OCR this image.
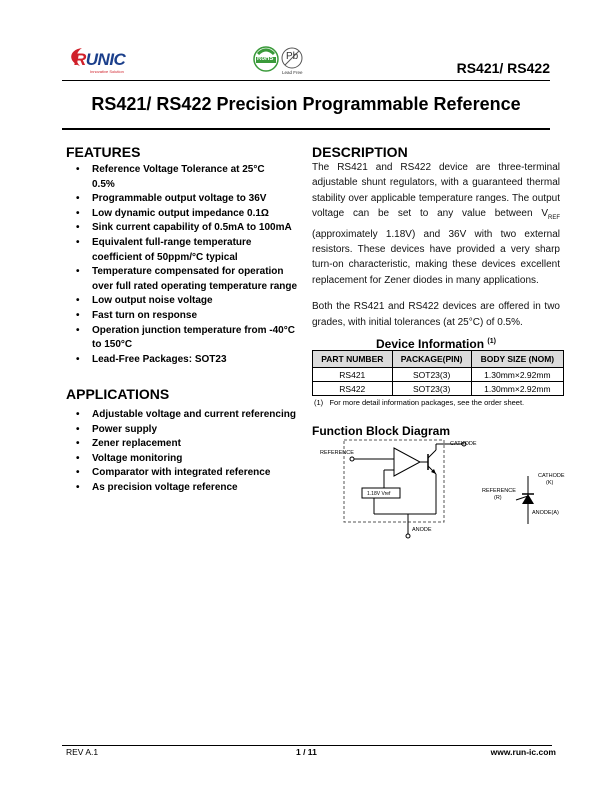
RUNIC
Innovative Solution
RoHS Pb
Lead Free	RS421/ RS422
RS421/ RS422 Precision Programmable Reference
FEATURES
• Reference Voltage Tolerance at 25°C
0.5%
• Programmable output voltage to 36V
• Low dynamic output impedance 0.1Ω
• Sink current capability of 0.5mA to 100mA
• Equivalent full-range temperature
coefficient of 50ppm/°C typical
• Temperature compensated for operation
over full rated operating temperature range
• Low output noise voltage
• Fast turn on response
• Operation junction temperature from -40°C
to 150°C
• Lead-Free Packages: SOT23
APPLICATIONS
• Adjustable voltage and current referencing
• Power supply
• Zener replacement
• Voltage monitoring
• Comparator with integrated reference
• As precision voltage reference
DESCRIPTION

The RS421 and RS422 device are three-terminal adjustable shunt regulators, with a guaranteed thermal stability over applicable temperature ranges. The output voltage can be set to any value between $V_{REF}$ (approximately 1.18V) and 36V with two external resistors. These devices have provided a very sharp turn-on characteristic, making these devices excellent replacement for Zener diodes in many applications.

Both the RS421 and RS422 devices are offered in two grades, with initial tolerances (at 25°C) of 0.5%.

Device Information $^{(1)}$
PART NUMBER	PACKAGE(PIN)	BODY SIZE (NOM)
RS421	SOT23(3)	1.30mm×2.92mm
RS422	SOT23(3)	1.30mm×2.92mm
(1) For more detail information packages, see the order sheet.
Function Block Diagram
REFERENCE
CATHODE
1.18V Vref
ANODE
CATHODE
(K)
REFERENCE
(R)
ANODE(A)
REV A.1	1 / 11	www.run-ic.com
